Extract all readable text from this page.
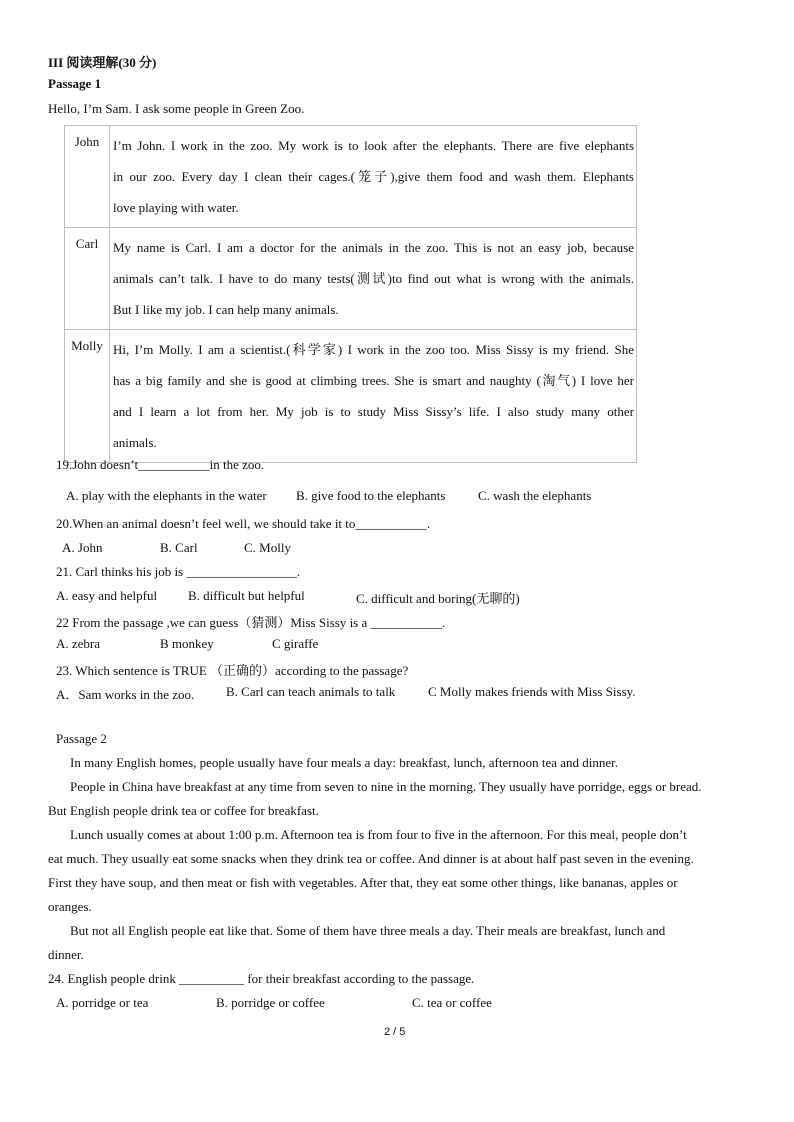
III 阅读理解(30 分)
Passage 1
Hello, I’m Sam. I ask some people in Green Zoo.
John	I’m John. I work in the zoo. My work is to look after the elephants. There are five elephants
in our zoo. Every day I clean their cages.(笼子),give them food and wash them. Elephants
love playing with water.

Carl	My name is Carl. I am a doctor for the animals in the zoo. This is not an easy job, because
animals can’t talk. I have to do many tests(测试)to find out what is wrong with the animals.
But I like my job. I can help many animals.

Molly	Hi, I’m Molly. I am a scientist.(科学家) I work in the zoo too. Miss Sissy is my friend. She
has a big family and she is good at climbing trees. She is smart and naughty (淘气) I love her
and I learn a lot from her. My job is to study Miss Sissy’s life. I also study many other
animals.
19.John doesn’t___________in the zoo.
A. play with the elephants in the water B. give food to the elephants	C. wash the elephants
20.When an animal doesn’t feel well, we should take it to___________.
A. John	B. Carl	C. Molly
21. Carl thinks his job is _________________.
A. easy and helpful B. difficult but helpful	C. difficult and boring(无聊的)
22 From the passage ,we can guess（猜测）Miss Sissy is a ___________.
A. zebra	B monkey	C giraffe
23. Which sentence is TRUE （正确的）according to the passage?
A．Sam works in the zoo. B. Carl can teach animals to talk	C Molly makes friends with Miss Sissy.
Passage 2
In many English homes, people usually have four meals a day: breakfast, lunch, afternoon tea and dinner.
People in China have breakfast at any time from seven to nine in the morning. They usually have porridge, eggs or bread.
But English people drink tea or coffee for breakfast.
Lunch usually comes at about 1:00 p.m. Afternoon tea is from four to five in the afternoon. For this meal, people don’t
eat much. They usually eat some snacks when they drink tea or coffee. And dinner is at about half past seven in the evening.
First they have soup, and then meat or fish with vegetables. After that, they eat some other things, like bananas, apples or
oranges.
But not all English people eat like that. Some of them have three meals a day. Their meals are breakfast, lunch and
dinner.
24. English people drink __________ for their breakfast according to the passage.
A. porridge or tea	B. porridge or coffee	C. tea or coffee
2 / 5
